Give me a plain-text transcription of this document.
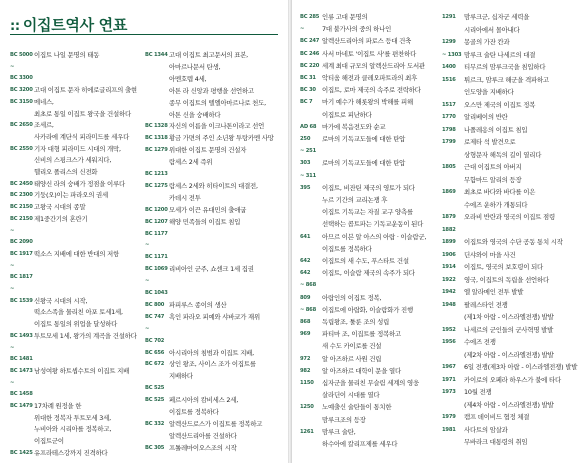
:: 이집트역사 연표
BC 5000 이집트 나일 문명의 태동
~
BC 3300
BC 3200 고대 이집트 문자 히에로글리프의 출현
BC 3150 메네스,
최초로 통일 이집트 왕국을 건설하다
BC 2650 조세르,
사카라에 계단식 피라미드를 세우다
BC 2550 기자 대형 피라미드 시대의 개막,
신비의 스핑크스가 세워지다,
헬리오 폴리스의 신전화
BC 2450 태양신 라의 숭배가 정점을 이루다
BC 2300 기둥(오)이는 파라오의 권세
BC 2150 고왕국 시대의 종말
BC 2150 제1중간기의 혼란기
~
BC 2090
BC 1917 떡소스 지배에 대한 반대의 저항
~
BC 1817
~
BC 1539 신왕국 시대의 시작,
떡소스족을 물리친 아포 토세1세,
이집트 통일의 위업을 달성하다
BC 1493 투트모세 1세, 왕가의 계곡을 건설하다
~
BC 1481
BC 1473 남성여왕 하트셉수트의 이집트 지배
~
BC 1458
BC 1479 17차례 원정을 한
위대한 정복자 투트모세 3세,
누비아와 시리아를 정복하고,
이집트군이
BC 1425 유프라테스강까지 진격하다
BC 1344 고대 이집트 최고문서의 표본,
아마르나문서 탄생,
아멘호텝 4세,
아톤 라 신앙과 평행을 선언하고
종무 이집트의 텔엘아마르나로 천도,
아톤 신을 숭배하다
BC 1328 자신의 이름을 이크나톤이라고 선언
BC 1318 황금 가면의 주인 소년왕 투탕카멘 사망
BC 1279 위대한 이집트 문명의 건설자
람세스 2세 즉위
BC 1213
BC 1275 람세스 2세와 히타이트의 대결전,
카데시 전투
BC 1200 모세가 이끈 유대민의 출애굽
BC 1207 해양 민족들의 이집트 침입
BC 1177
~
BC 1171
BC 1069 리비아인 군주, 쇼센크 1세 집권
~
BC 1043
BC 800 파피루스 종이의 생산
BC 747 흑인 파라오 피예와 샤바코가 재위
~
BC 702
BC 656 아시리아의 침범과 이집트 지배,
BC 672 상인 왕조, 사이스 조가 이집트를
지배하다
BC 525
BC 525 페르시아의 캄비세스 2세,
이집트를 정복하다
BC 332 알렉산드로스가 이집트를 정복하고
알렉산드리아를 건설하다
BC 305 프톨레마이오스조의 시작
BC 285 인류 고대 문명의
~	7대 불가사의 중의 하나인
BC 247 알렉산드리아의 파로스 등대 건축
BC 246 사서 마네토 '이집트 사'를 편찬하다
BC 220 세계 최대 규모의 알렉산드리아 도서관
BC 31 악티움 해전과 클레오파트라의 최후
BC 30 이집트, 로마 제국의 속주로 전락하다
BC 7 마기 예수가 해롯왕의 박해를 피해
이집트로 피난하다
AD 68 마가에 복음전도와 순교
250 로마의 기독교도들에 대한 탄압
~ 251
303 로마의 기독교도들에 대한 탄압
~ 311
395 이집트, 비잔틴 제국의 영토가 되다
누르 기간의 교리논쟁 후
이집트 기독교는 자질 교구 양측를
선택하는 콥트파는 기독교운동이 된다
641 아므르 이븐 알 아스의 아랍 · 이슬람군,
이집트를 정복하다
642 이집트의 새 수도, 푸스타트 건설
642 이집트, 이슬람 제국의 속주가 되다
~ 868
809 아랍인의 이집트 정복,
~ 868 이집트에 아랍화, 이슬람화가 진행
868 독립왕조, 툴룬 조의 성립
969 파티마 조, 이집트를 정복하고
새 수도 카이로를 건설
972 알 아즈하르 사원 건립
982 알 아즈하르 대학이 문을 열다
1150 십자군을 물리친 무슬림 세계의 영웅
살라딘이 시대를 열다
1250 노예출신 술탄들이 통치한
맘루크조의 등장
1261 맘루크 술탄,
하수아에 칼리프제를 세우다
1291 맘루크군, 십자군 세력을
시리아에서 몰아내다
1299 몽골의 가잔 칸과
~ 1303 맘루크 술탄 나세르의 대결
1400 티무르의 맘루크국을 침입하다
1516 튀르크, 맘루크 해군을 격파하고
인도양을 지배하다
1517 오스만 제국의 이집트 정복
1770 알리베이의 반란
1798 나폴레옹의 이집트 침입
1799 로제타 석 발견으로
상형문자 해독의 길이 열리다
1805 근대 이집트의 아버지
무함마드 알리의 등장
1869 최초로 바다와 바다를 이은
수에즈 운하가 개통되다
1879 오라비 반란과 영국의 이집트 점령
1882
1899 이집트와 영국의 수단 공동 통치 시작
1906 딘샤와이 마을 사건
1914 이집트, 영국의 보호령이 되다
1922 영국, 이집트의 독립을 선언하다
1942 엘 알라메인 전투 발발
1948 팔레스타인 전쟁
(제1차 아랍 - 이스라엘전쟁) 발발
1952 나세르의 군인들의 군사혁명 발발
1956 수에즈 전쟁
(제2차 아랍 - 이스라엘전쟁) 발발
1967 6일 전쟁(제3차 아랍 - 이스라엘전쟁) 발발
1971 카이로의 오페라 하우스가 불에 타다
1973 10월 전쟁
(제4차 아랍 - 이스라엘전쟁) 발발
1979 캠프 데이비드 협정 체결
1981 사다트의 암살과
무바라크 대통령의 취임
